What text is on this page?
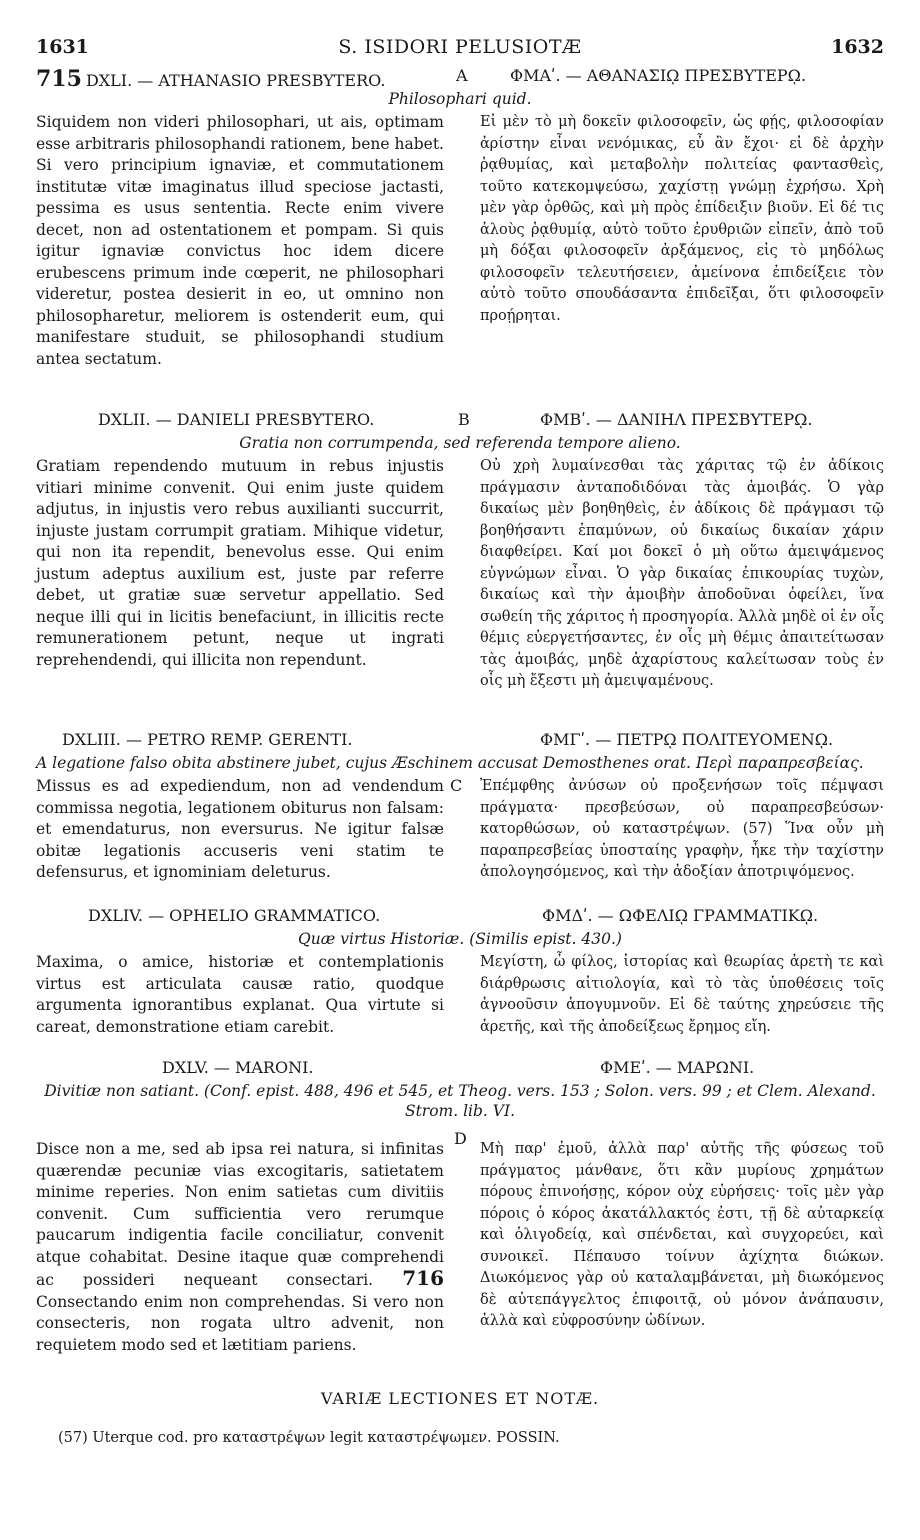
1631	S. ISIDORI PELUSIOTÆ	1632
715 DXLI. — ATHANASIO PRESBYTERO.	A	ΦΜΑʹ. — ΑΘΑΝΑΣΙῼ ΠΡΕΣΒΥΤΕΡῼ.
Philosophari quid.
Siquidem non videri philosophari, ut ais, optimam esse arbitraris philosophandi rationem, bene habet. Si vero principium ignaviæ, et commutationem institutæ vitæ imaginatus illud speciose jactasti, pessima es usus sententia. Recte enim vivere decet, non ad ostentationem et pompam. Si quis igitur ignaviæ convictus hoc idem dicere erubescens primum inde cœperit, ne philosophari videretur, postea desierit in eo, ut omnino non philosopharetur, meliorem is ostenderit eum, qui manifestare studuit, se philosophandi studium antea sectatum.
Εἰ μὲν τὸ μὴ δοκεῖν φιλοσοφεῖν, ὡς φῄς, φιλοσοφίαν ἀρίστην εἶναι νενόμικας, εὖ ἂν ἔχοι· εἰ δὲ ἀρχὴν ῥᾳθυμίας, καὶ μεταβολὴν πολιτείας φαντασθεὶς, τοῦτο κατεκομψεύσω, χαχίστῃ γνώμῃ ἐχρήσω. Χρὴ μὲν γὰρ ὀρθῶς, καὶ μὴ πρὸς ἐπίδειξιν βιοῦν. Εἰ δέ τις ἁλοὺς ῥᾳθυμίᾳ, αὐτὸ τοῦτο ἐρυθριῶν εἰπεῖν, ἀπὸ τοῦ μὴ δόξαι φιλοσοφεῖν ἀρξάμενος, εἰς τὸ μηδόλως φιλοσοφεῖν τελευτήσειεν, ἀμείνονα ἐπιδείξειε τὸν αὐτὸ τοῦτο σπουδάσαντα ἐπιδεῖξαι, ὅτι φιλοσοφεῖν προῄρηται.
DXLII. — DANIELI PRESBYTERO.	B	ΦΜΒʹ. — ΔΑΝΙΗΛ ΠΡΕΣΒΥΤΕΡῼ.
Gratia non corrumpenda, sed referenda tempore alieno.
Gratiam rependendo mutuum in rebus injustis vitiari minime convenit. Qui enim juste quidem adjutus, in injustis vero rebus auxilianti succurrit, injuste justam corrumpit gratiam. Mihique videtur, qui non ita rependit, benevolus esse. Qui enim justum adeptus auxilium est, juste par referre debet, ut gratiæ suæ servetur appellatio. Sed neque illi qui in licitis benefaciunt, in illicitis recte remunerationem petunt, neque ut ingrati reprehendendi, qui illicita non rependunt.
Οὐ χρὴ λυμαίνεσθαι τὰς χάριτας τῷ ἐν ἀδίκοις πράγμασιν ἀνταποδιδόναι τὰς ἀμοιβάς. Ὁ γὰρ δικαίως μὲν βοηθηθεὶς, ἐν ἀδίκοις δὲ πράγμασι τῷ βοηθήσαντι ἐπαμύνων, οὐ δικαίως δικαίαν χάριν διαφθείρει. Καί μοι δοκεῖ ὁ μὴ οὕτω ἀμειψάμενος εὐγνώμων εἶναι. Ὁ γὰρ δικαίας ἐπικουρίας τυχὼν, δικαίως καὶ τὴν ἀμοιβὴν ἀποδοῦναι ὀφείλει, ἵνα σωθείη τῆς χάριτος ἡ προσηγορία. Ἀλλὰ μηδὲ οἱ ἐν οἷς θέμις εὐεργετήσαντες, ἐν οἷς μὴ θέμις ἀπαιτείτωσαν τὰς ἀμοιβάς, μηδὲ ἀχαρίστους καλείτωσαν τοὺς ἐν οἷς μὴ ἔξεστι μὴ ἀμειψαμένους.
DXLIII. — PETRO REMP. GERENTI.	ΦΜΓʹ. — ΠΕΤΡῼ ΠΟΛΙΤΕΥΟΜΕΝῼ.
A legatione falso obita abstinere jubet, cujus Æschinem accusat Demosthenes orat. Περὶ παραπρεσβείας.
C
Missus es ad expediendum, non ad vendendum commissa negotia, legationem obiturus non falsam: et emendaturus, non eversurus. Ne igitur falsæ obitæ legationis accuseris veni statim te defensurus, et ignominiam deleturus.
Ἐπέμφθης ἀνύσων οὐ προξενήσων τοῖς πέμψασι πράγματα· πρεσβεύσων, οὐ παραπρεσβεύσων· κατορθώσων, οὐ καταστρέψων. (57) Ἵνα οὖν μὴ παραπρεσβείας ὑποσταίης γραφὴν, ἧκε τὴν ταχίστην ἀπολογησόμενος, καὶ τὴν ἀδοξίαν ἀποτριψόμενος.
DXLIV. — OPHELIO GRAMMATICO.	ΦΜΔʹ. — ΩΦΕΛΙῼ ΓΡΑΜΜΑΤΙΚῼ.
Quæ virtus Historiæ. (Similis epist. 430.)
Maxima, o amice, historiæ et contemplationis virtus est articulata causæ ratio, quodque argumenta ignorantibus explanat. Qua virtute si careat, demonstratione etiam carebit.
Μεγίστη, ὦ φίλος, ἱστορίας καὶ θεωρίας ἀρετὴ τε καὶ διάρθρωσις αἰτιολογία, καὶ τὸ τὰς ὑποθέσεις τοῖς ἀγνοοῦσιν ἀπογυμνοῦν. Εἰ δὲ ταύτης χηρεύσειε τῆς ἀρετῆς, καὶ τῆς ἀποδείξεως ἔρημος εἴη.
DXLV. — MARONI.	ΦΜΕʹ. — ΜΑΡΩΝΙ.
Divitiæ non satiant. (Conf. epist. 488, 496 et 545, et Theog. vers. 153 ; Solon. vers. 99 ; et Clem. Alexand. Strom. lib. VI.
D
Disce non a me, sed ab ipsa rei natura, si infinitas quærendæ pecuniæ vias excogitaris, satietatem minime reperies. Non enim satietas cum divitiis convenit. Cum sufficientia vero rerumque paucarum indigentia facile conciliatur, convenit atque cohabitat. Desine itaque quæ comprehendi ac possideri nequeant consectari. 716 Consectando enim non comprehendas. Si vero non consecteris, non rogata ultro advenit, non requietem modo sed et lætitiam pariens.
Μὴ παρ' ἐμοῦ, ἀλλὰ παρ' αὐτῆς τῆς φύσεως τοῦ πράγματος μάνθανε, ὅτι κἂν μυρίους χρημάτων πόρους ἐπινοήσῃς, κόρον οὐχ εὑρήσεις· τοῖς μὲν γὰρ πόροις ὁ κόρος ἀκατάλλακτός ἐστι, τῇ δὲ αὐταρκείᾳ καὶ ὀλιγοδείᾳ, καὶ σπένδεται, καὶ συγχορεύει, καὶ συνοικεῖ. Πέπαυσο τοίνυν ἀχίχητα διώκων. Διωκόμενος γὰρ οὐ καταλαμβάνεται, μὴ διωκόμενος δὲ αὐτεπάγγελτος ἐπιφοιτᾷ, οὐ μόνον ἀνάπαυσιν, ἀλλὰ καὶ εὐφροσύνην ὠδίνων.
VARIÆ LECTIONES ET NOTÆ.
(57) Uterque cod. pro καταστρέψων legit καταστρέψωμεν. POSSIN.
